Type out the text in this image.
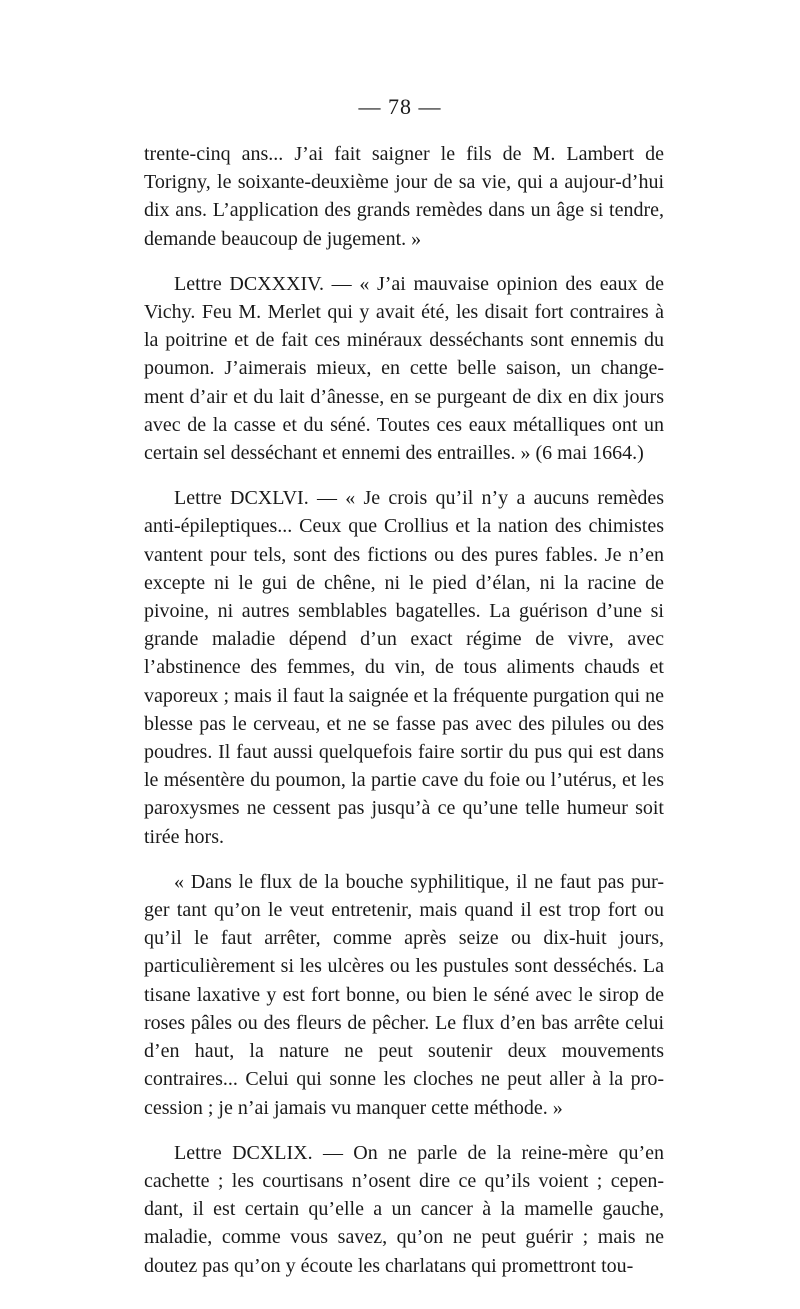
— 78 —

trente-cinq ans... J’ai fait saigner le fils de M. Lambert de Torigny, le soixante-deuxième jour de sa vie, qui a aujour-d’hui dix ans. L’application des grands remèdes dans un âge si tendre, demande beaucoup de jugement. »

Lettre DCXXXIV. — « J’ai mauvaise opinion des eaux de Vichy. Feu M. Merlet qui y avait été, les disait fort contraires à la poitrine et de fait ces minéraux desséchants sont ennemis du poumon. J’aimerais mieux, en cette belle saison, un change-ment d’air et du lait d’ânesse, en se purgeant de dix en dix jours avec de la casse et du séné. Toutes ces eaux métalliques ont un certain sel desséchant et ennemi des entrailles. » (6 mai 1664.)

Lettre DCXLVI. — « Je crois qu’il n’y a aucuns remèdes anti-épileptiques... Ceux que Crollius et la nation des chimistes vantent pour tels, sont des fictions ou des pures fables. Je n’en excepte ni le gui de chêne, ni le pied d’élan, ni la racine de pivoine, ni autres semblables bagatelles. La guérison d’une si grande maladie dépend d’un exact régime de vivre, avec l’abstinence des femmes, du vin, de tous aliments chauds et vaporeux ; mais il faut la saignée et la fréquente purgation qui ne blesse pas le cerveau, et ne se fasse pas avec des pilules ou des poudres. Il faut aussi quelquefois faire sortir du pus qui est dans le mésentère du poumon, la partie cave du foie ou l’utérus, et les paroxysmes ne cessent pas jusqu’à ce qu’une telle humeur soit tirée hors.

« Dans le flux de la bouche syphilitique, il ne faut pas pur-ger tant qu’on le veut entretenir, mais quand il est trop fort ou qu’il le faut arrêter, comme après seize ou dix-huit jours, particulièrement si les ulcères ou les pustules sont desséchés. La tisane laxative y est fort bonne, ou bien le séné avec le sirop de roses pâles ou des fleurs de pêcher. Le flux d’en bas arrête celui d’en haut, la nature ne peut soutenir deux mouvements contraires... Celui qui sonne les cloches ne peut aller à la pro-cession ; je n’ai jamais vu manquer cette méthode. »

Lettre DCXLIX. — On ne parle de la reine-mère qu’en cachette ; les courtisans n’osent dire ce qu’ils voient ; cepen-dant, il est certain qu’elle a un cancer à la mamelle gauche, maladie, comme vous savez, qu’on ne peut guérir ; mais ne doutez pas qu’on y écoute les charlatans qui promettront tou-
